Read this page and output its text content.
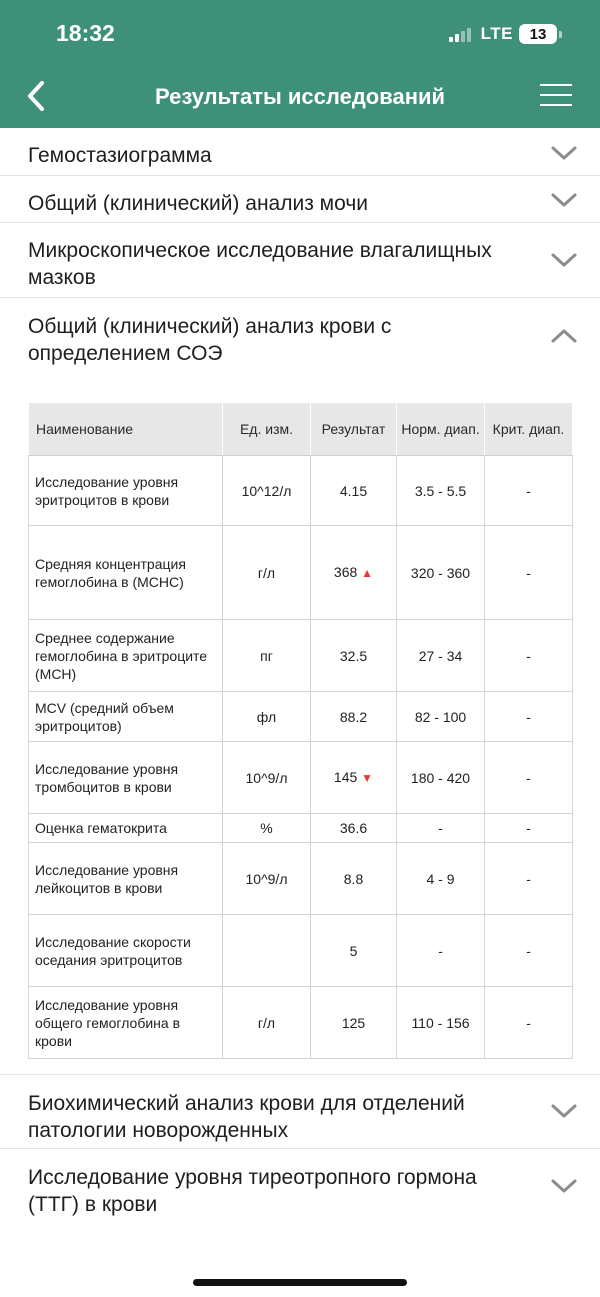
18:32	LTE	13
Результаты исследований
Гемостазиограмма
Общий (клинический) анализ мочи
Микроскопическое исследование влагалищных мазков
Общий (клинический) анализ крови с определением СОЭ
Наименование	Ед. изм.	Результат	Норм. диап.	Крит. диап.
Исследование уровня эритроцитов в крови	10^12/л	4.15	3.5 - 5.5	-
Средняя концентрация гемоглобина в (MCHC)	г/л	368 ▲	320 - 360	-
Среднее содержание гемоглобина в эритроците (MCH)	пг	32.5	27 - 34	-
MCV (средний объем эритроцитов)	фл	88.2	82 - 100	-
Исследование уровня тромбоцитов в крови	10^9/л	145 ▼	180 - 420	-
Оценка гематокрита	%	36.6	-	-
Исследование уровня лейкоцитов в крови	10^9/л	8.8	4 - 9	-
Исследование скорости оседания эритроцитов		5	-	-
Исследование уровня общего гемоглобина в крови	г/л	125	110 - 156	-
Биохимический анализ крови для отделений патологии новорожденных
Исследование уровня тиреотропного гормона (ТТГ) в крови
